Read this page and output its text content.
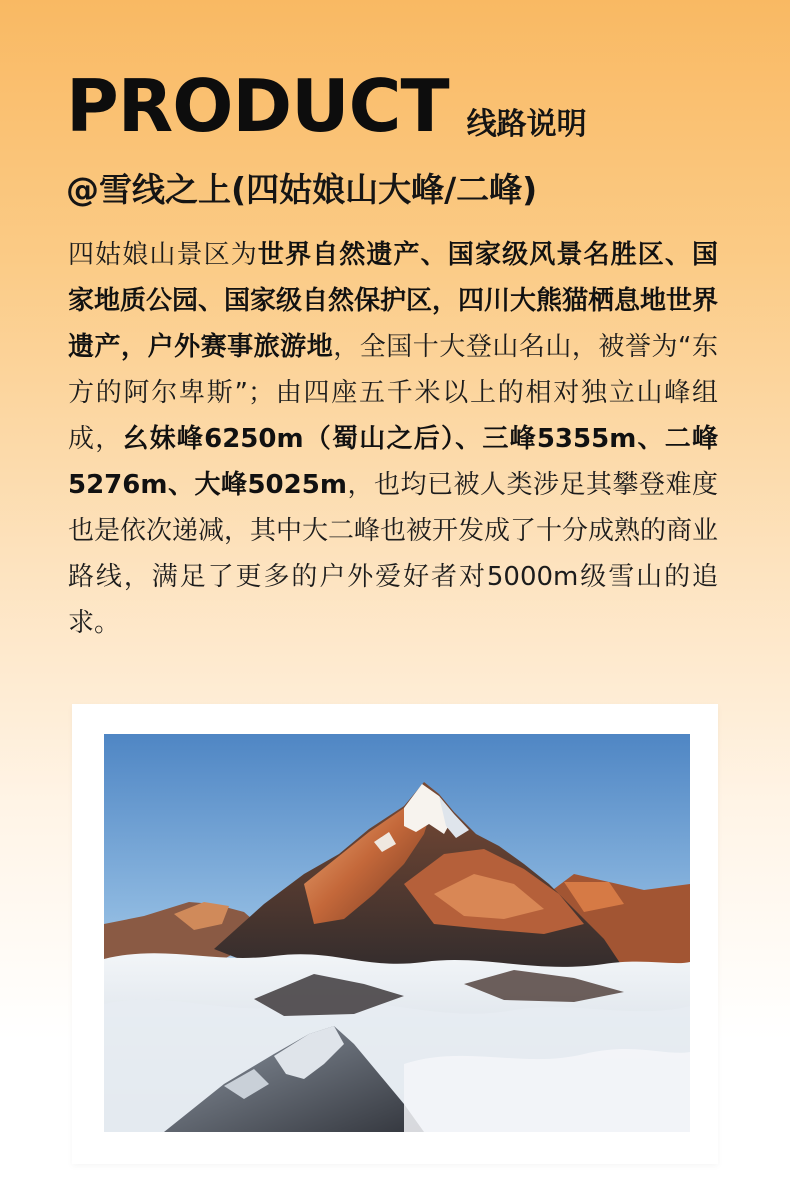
PRODUCT 线路说明
@雪线之上(四姑娘山大峰/二峰)
四姑娘山景区为世界自然遗产、国家级风景名胜区、国家地质公园、国家级自然保护区，四川大熊猫栖息地世界遗产，户外赛事旅游地，全国十大登山名山，被誉为“东方的阿尔卑斯”；由四座五千米以上的相对独立山峰组成，幺妹峰6250m（蜀山之后）、三峰5355m、二峰5276m、大峰5025m，也均已被人类涉足其攀登难度也是依次递减，其中大二峰也被开发成了十分成熟的商业路线，满足了更多的户外爱好者对5000m级雪山的追求。
